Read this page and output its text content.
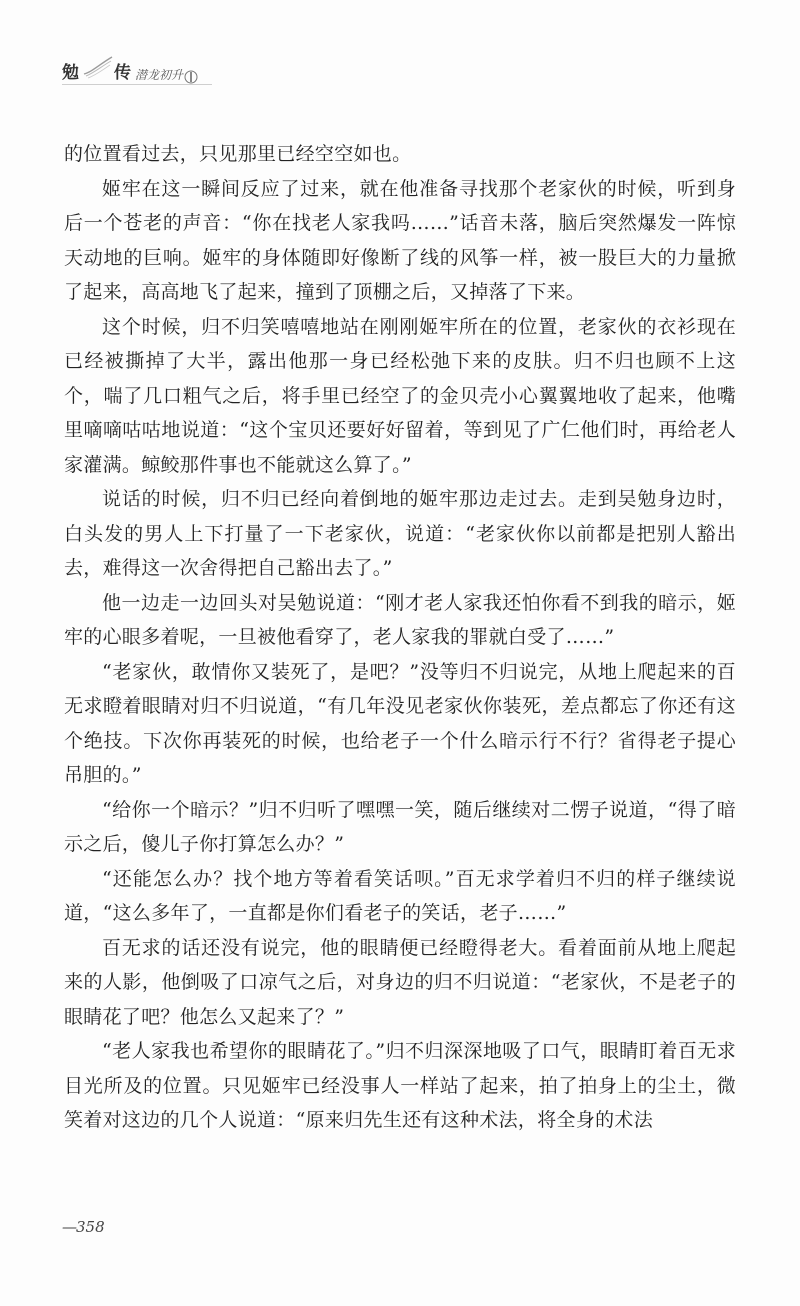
勉 传 潜龙初升

的位置看过去，只见那里已经空空如也。

姬牢在这一瞬间反应了过来，就在他准备寻找那个老家伙的时候，听到身后一个苍老的声音：“你在找老人家我吗……”话音未落，脑后突然爆发一阵惊天动地的巨响。姬牢的身体随即好像断了线的风筝一样，被一股巨大的力量掀了起来，高高地飞了起来，撞到了顶棚之后，又掉落了下来。

这个时候，归不归笑嘻嘻地站在刚刚姬牢所在的位置，老家伙的衣衫现在已经被撕掉了大半，露出他那一身已经松弛下来的皮肤。归不归也顾不上这个，喘了几口粗气之后，将手里已经空了的金贝壳小心翼翼地收了起来，他嘴里嘀嘀咕咕地说道：“这个宝贝还要好好留着，等到见了广仁他们时，再给老人家灌满。鲸鲛那件事也不能就这么算了。”

说话的时候，归不归已经向着倒地的姬牢那边走过去。走到吴勉身边时，白头发的男人上下打量了一下老家伙，说道：“老家伙你以前都是把别人豁出去，难得这一次舍得把自己豁出去了。”

他一边走一边回头对吴勉说道：“刚才老人家我还怕你看不到我的暗示，姬牢的心眼多着呢，一旦被他看穿了，老人家我的罪就白受了……”

“老家伙，敢情你又装死了，是吧？”没等归不归说完，从地上爬起来的百无求瞪着眼睛对归不归说道，“有几年没见老家伙你装死，差点都忘了你还有这个绝技。下次你再装死的时候，也给老子一个什么暗示行不行？省得老子提心吊胆的。”

“给你一个暗示？”归不归听了嘿嘿一笑，随后继续对二愣子说道，“得了暗示之后，傻儿子你打算怎么办？”

“还能怎么办？找个地方等着看笑话呗。”百无求学着归不归的样子继续说道，“这么多年了，一直都是你们看老子的笑话，老子……”

百无求的话还没有说完，他的眼睛便已经瞪得老大。看着面前从地上爬起来的人影，他倒吸了口凉气之后，对身边的归不归说道：“老家伙，不是老子的眼睛花了吧？他怎么又起来了？”

“老人家我也希望你的眼睛花了。”归不归深深地吸了口气，眼睛盯着百无求目光所及的位置。只见姬牢已经没事人一样站了起来，拍了拍身上的尘土，微笑着对这边的几个人说道：“原来归先生还有这种术法，将全身的术法

—358
